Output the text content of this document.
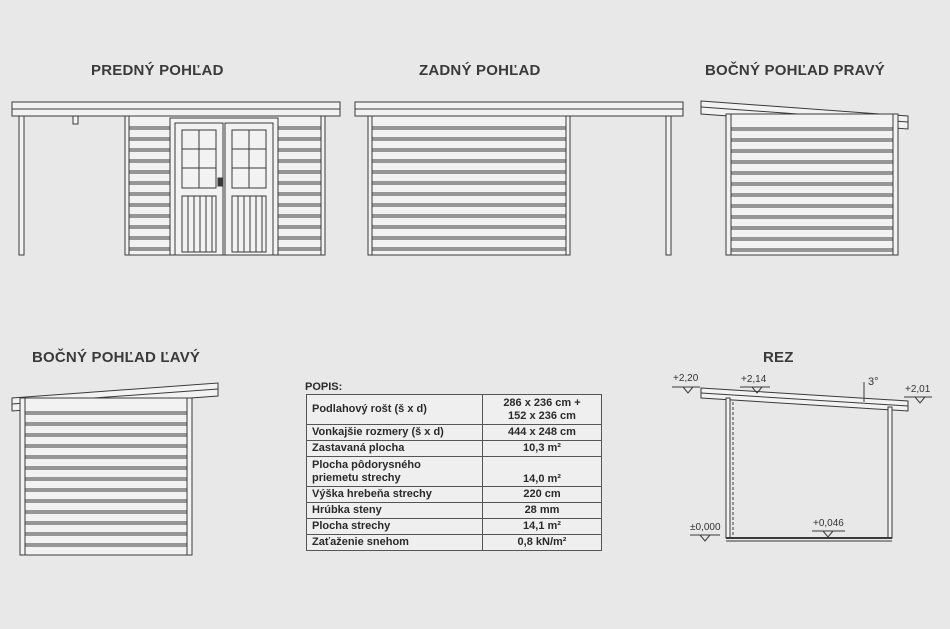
PREDNÝ POHĽAD	ZADNÝ POHĽAD	BOČNÝ POHĽAD PRAVÝ
BOČNÝ POHĽAD ĽAVÝ	REZ
+2,20	+2,14	3°
+2,01
±0,000	+0,046
POPIS:
Podlahový rošt (š x d)	286 x 236 cm +
152 x 236 cm

Vonkajšie rozmery (š x d)	444 x 248 cm
Zastavaná plocha	10,3 m²

Plocha pôdorysného
priemetu strechy	14,0 m²
Výška hrebeňa strechy	220 cm
Hrúbka steny	28 mm
Plocha strechy	14,1 m²
Zaťaženie snehom	0,8 kN/m²
